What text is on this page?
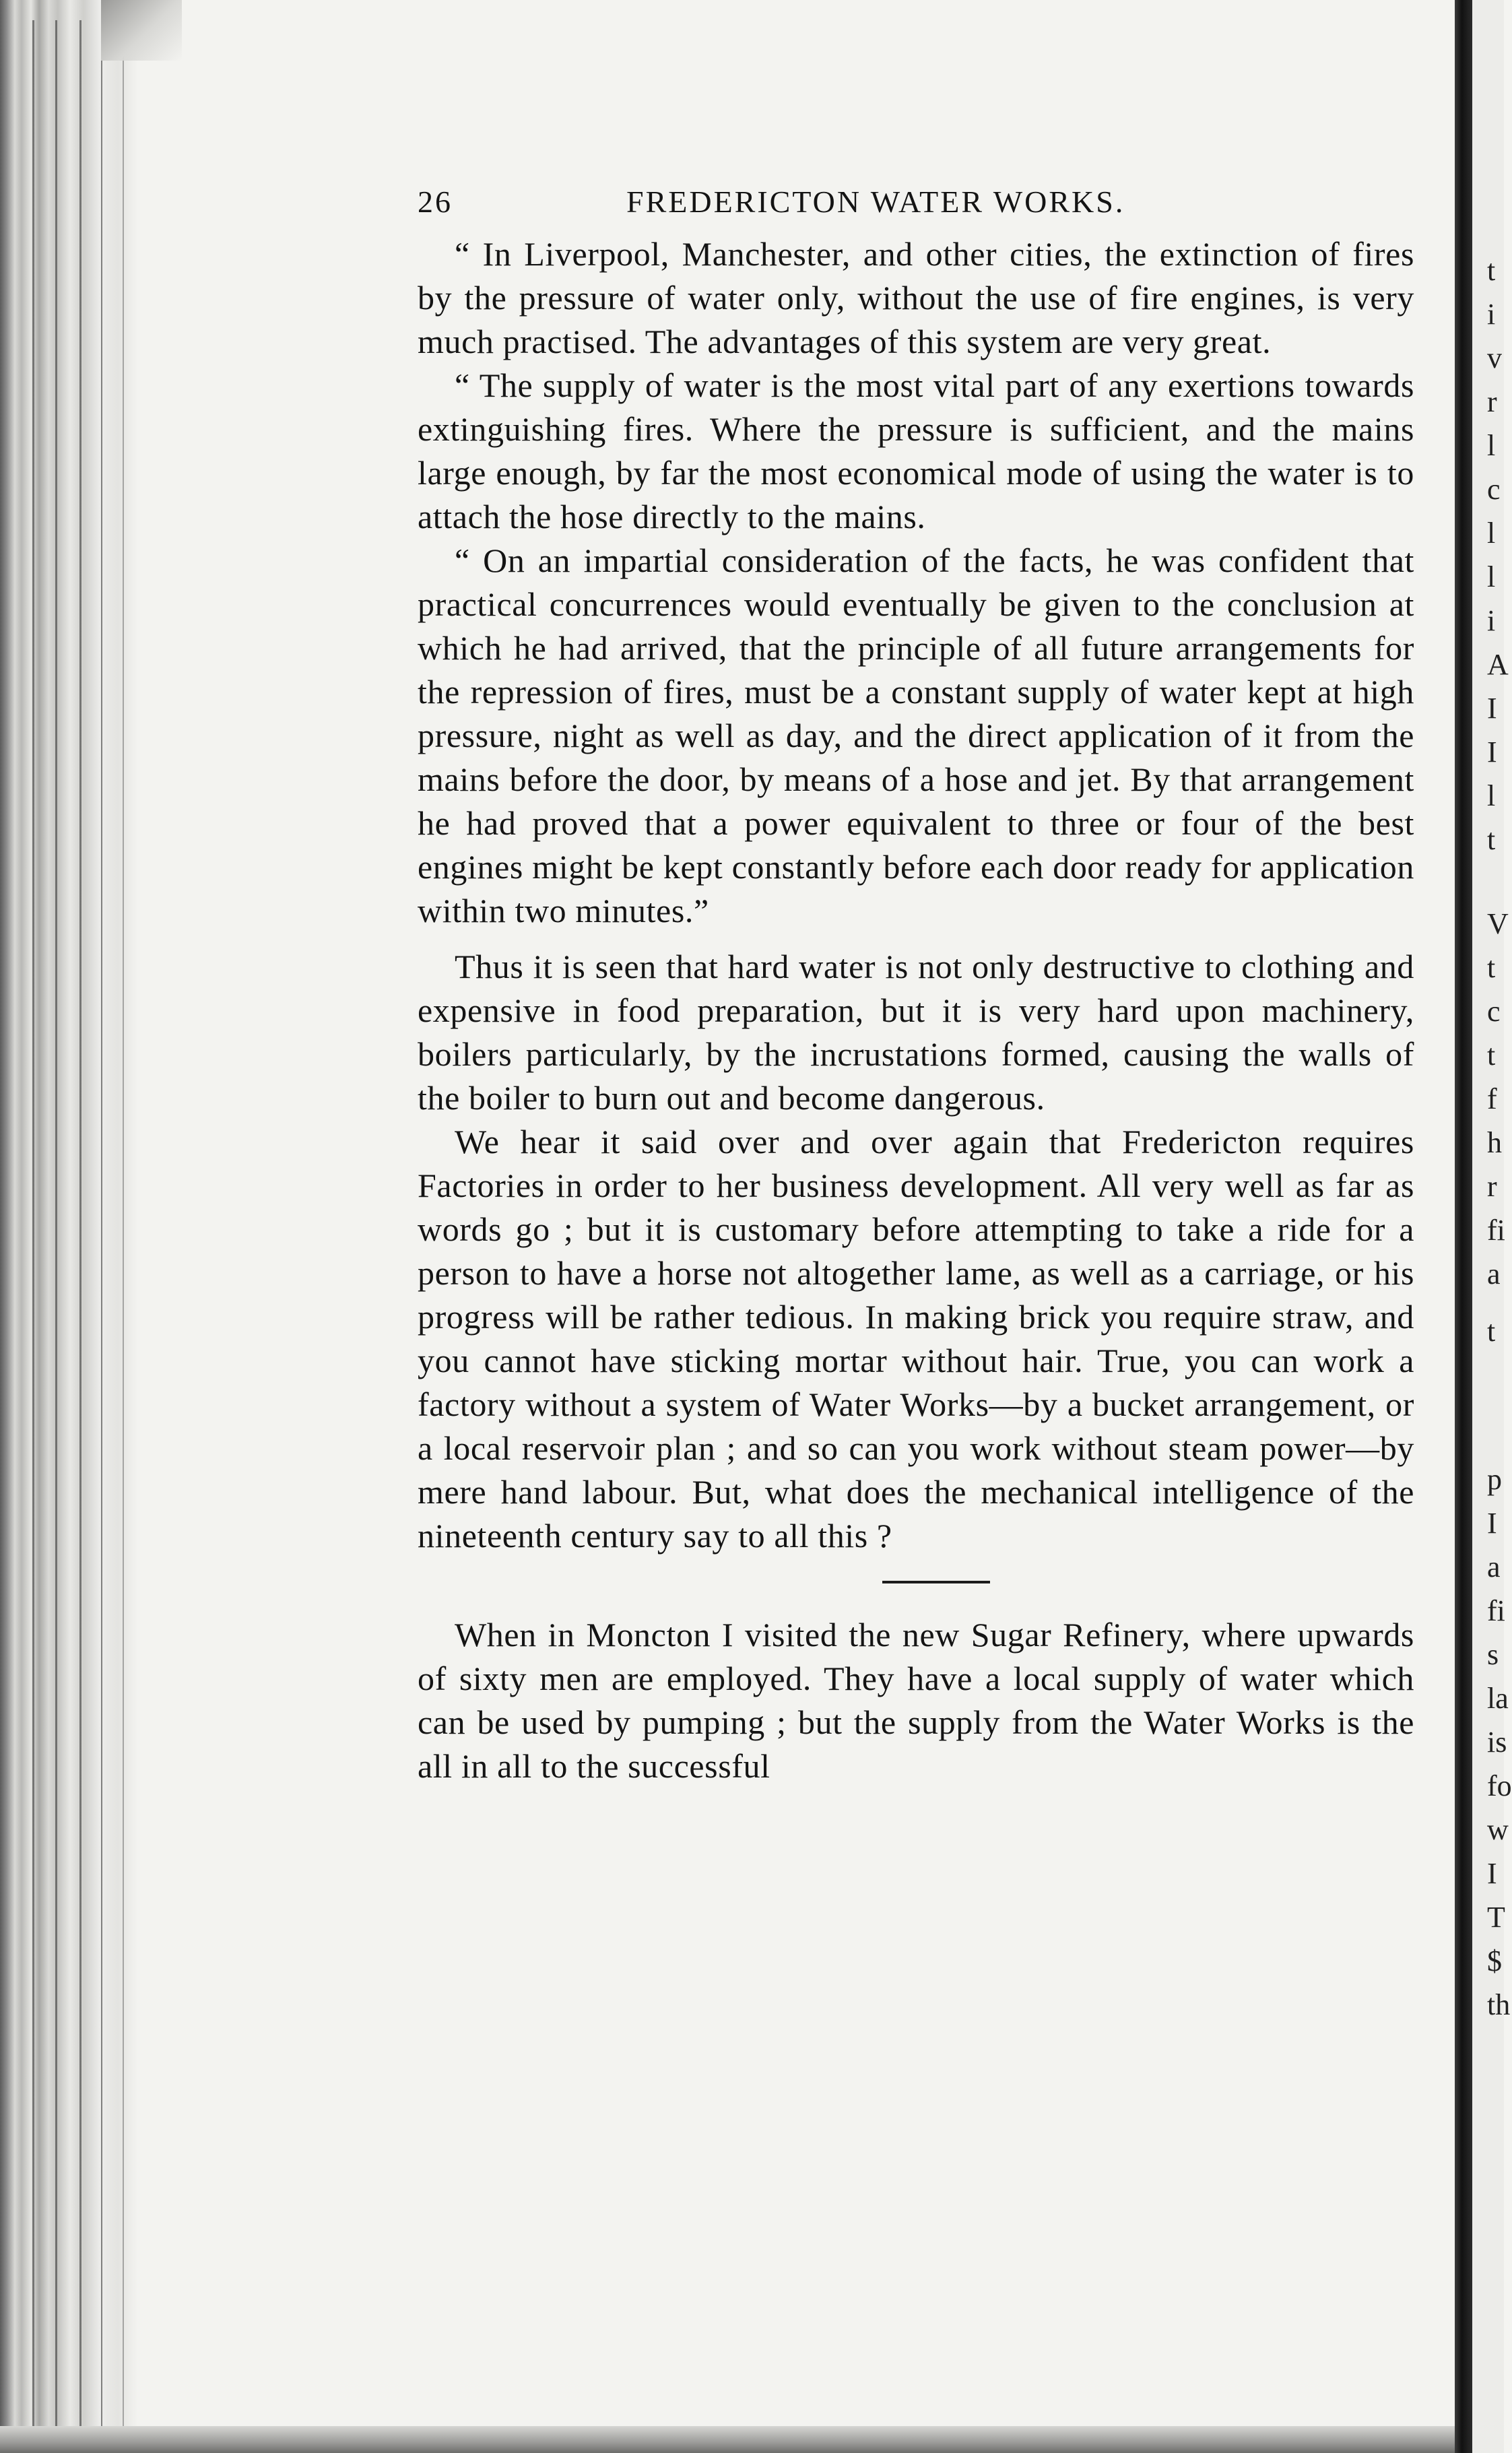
t
i
v
r
l
c
l
l
i
A
I
I
l
t
V
t
c
t
f
h
r
fi
a
t
p
I
a
fi
s
la
is
fo
w
I
T
$
th
26	FREDERICTON WATER WORKS.

“ In Liverpool, Manchester, and other cities, the extinction of fires by the pressure of water only, without the use of fire engines, is very much practised. The advantages of this system are very great.

“ The supply of water is the most vital part of any exertions towards extinguishing fires. Where the pressure is sufficient, and the mains large enough, by far the most economical mode of using the water is to attach the hose directly to the mains.

“ On an impartial consideration of the facts, he was confident that practical concurrences would eventually be given to the conclusion at which he had arrived, that the principle of all future arrangements for the repression of fires, must be a constant supply of water kept at high pressure, night as well as day, and the direct application of it from the mains before the door, by means of a hose and jet. By that arrangement he had proved that a power equivalent to three or four of the best engines might be kept constantly before each door ready for application within two minutes.”

Thus it is seen that hard water is not only destructive to clothing and expensive in food preparation, but it is very hard upon machinery, boilers particularly, by the incrustations formed, causing the walls of the boiler to burn out and become dangerous.

We hear it said over and over again that Fredericton requires Factories in order to her business development. All very well as far as words go ; but it is customary before attempting to take a ride for a person to have a horse not altogether lame, as well as a carriage, or his progress will be rather tedious. In making brick you require straw, and you cannot have sticking mortar without hair. True, you can work a factory without a system of Water Works—by a bucket arrangement, or a local reservoir plan ; and so can you work without steam power—by mere hand labour. But, what does the mechanical intelligence of the nineteenth century say to all this ?

When in Moncton I visited the new Sugar Refinery, where upwards of sixty men are employed. They have a local supply of water which can be used by pumping ; but the supply from the Water Works is the all in all to the successful
